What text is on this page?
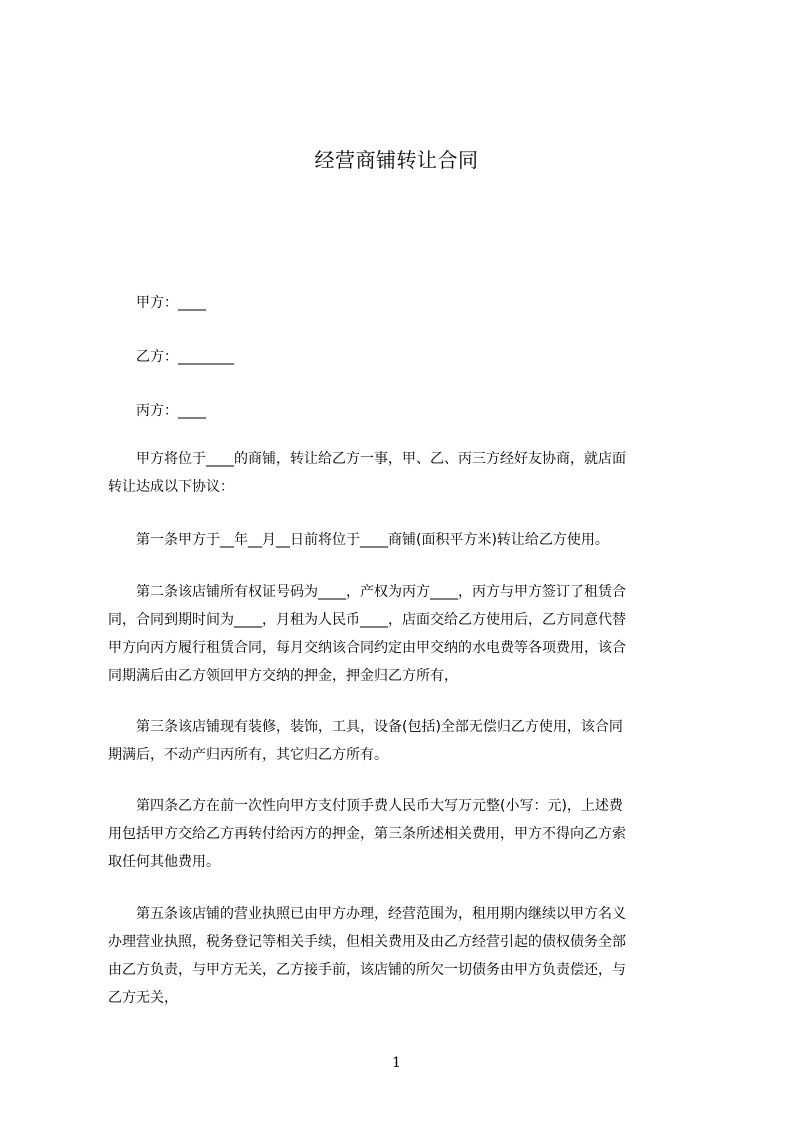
经营商铺转让合同
甲方：____
乙方：________
丙方：____
甲方将位于____的商铺，转让给乙方一事，甲、乙、丙三方经好友协商，就店面
转让达成以下协议：
第一条甲方于__年__月__日前将位于____商铺(面积平方米)转让给乙方使用。
第二条该店铺所有权证号码为____，产权为丙方____，丙方与甲方签订了租赁合
同，合同到期时间为____，月租为人民币____，店面交给乙方使用后，乙方同意代替
甲方向丙方履行租赁合同，每月交纳该合同约定由甲交纳的水电费等各项费用，该合
同期满后由乙方领回甲方交纳的押金，押金归乙方所有，
第三条该店铺现有装修，装饰，工具，设备(包括)全部无偿归乙方使用，该合同
期满后，不动产归丙所有，其它归乙方所有。
第四条乙方在前一次性向甲方支付顶手费人民币大写万元整(小写：元)，上述费
用包括甲方交给乙方再转付给丙方的押金，第三条所述相关费用，甲方不得向乙方索
取任何其他费用。
第五条该店铺的营业执照已由甲方办理，经营范围为，租用期内继续以甲方名义
办理营业执照，税务登记等相关手续，但相关费用及由乙方经营引起的债权债务全部
由乙方负责，与甲方无关，乙方接手前，该店铺的所欠一切债务由甲方负责偿还，与
乙方无关，
1
